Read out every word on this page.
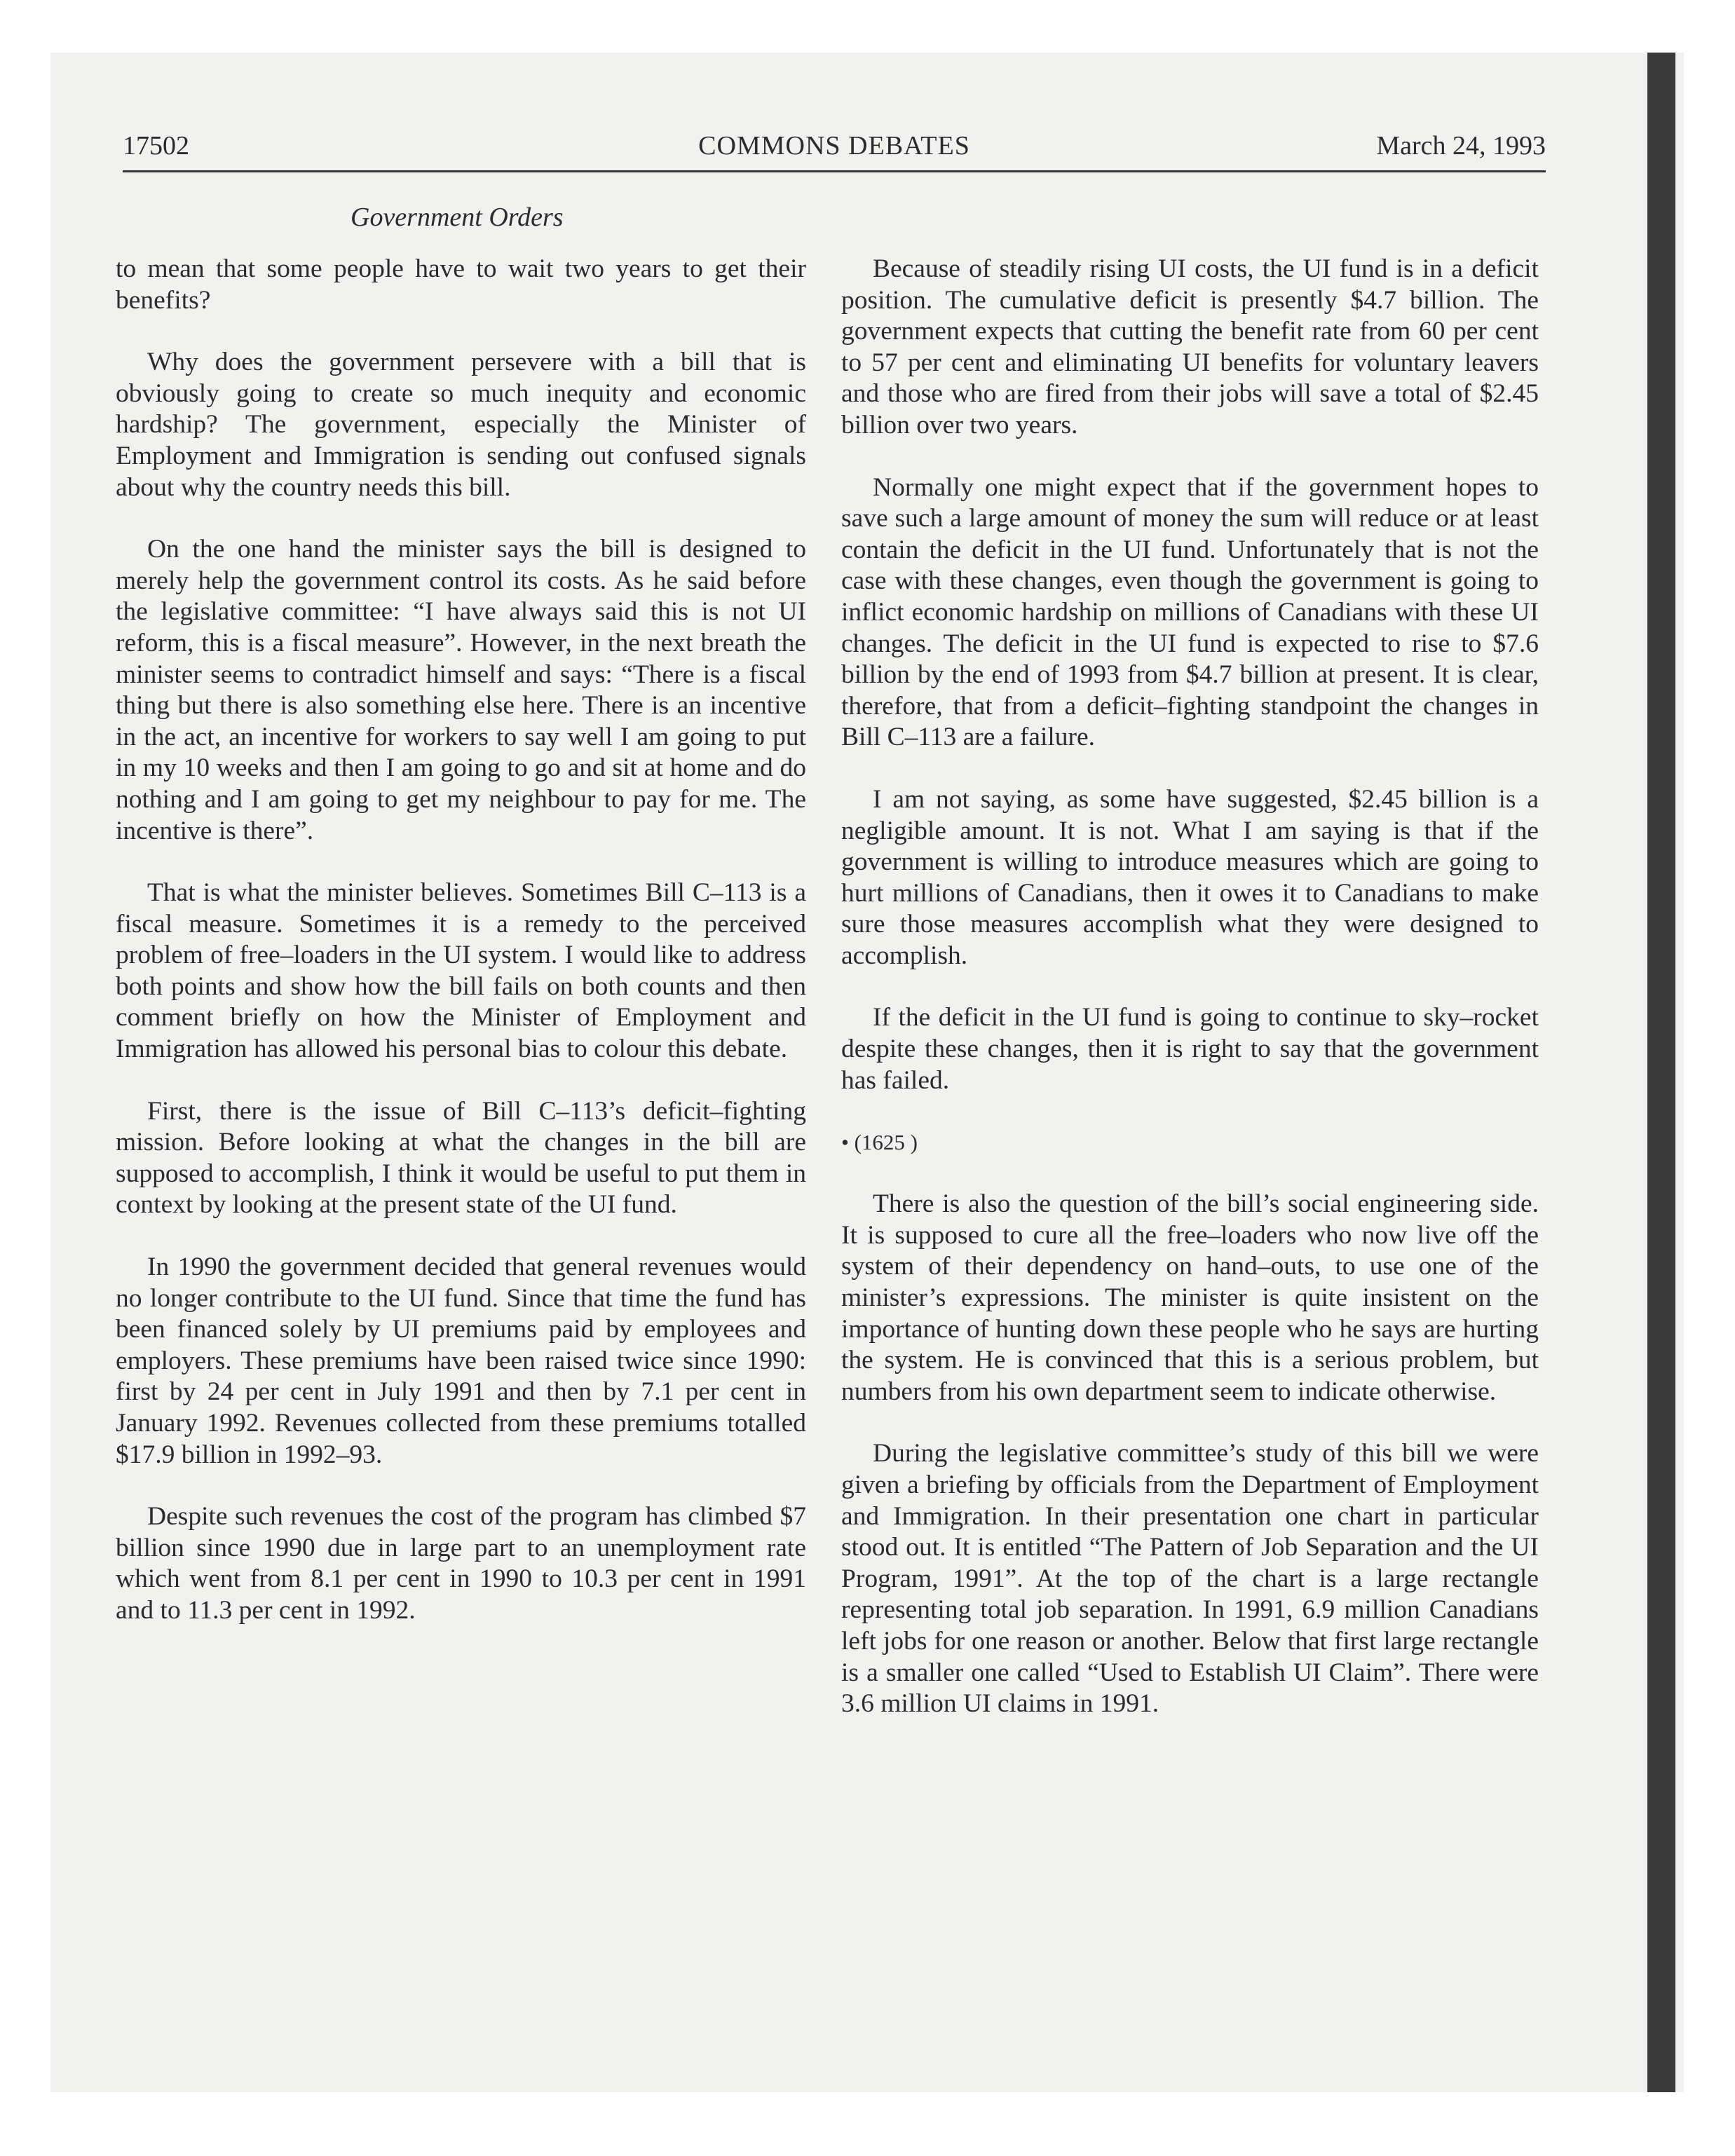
17502	COMMONS DEBATES	March 24, 1993
Government Orders

to mean that some people have to wait two years to get their benefits?

Why does the government persevere with a bill that is obviously going to create so much inequity and economic hardship? The government, especially the Minister of Employment and Immigration is sending out confused signals about why the country needs this bill.

On the one hand the minister says the bill is designed to merely help the government control its costs. As he said before the legislative committee: “I have always said this is not UI reform, this is a fiscal measure”. However, in the next breath the minister seems to contradict himself and says: “There is a fiscal thing but there is also something else here. There is an incentive in the act, an incentive for workers to say well I am going to put in my 10 weeks and then I am going to go and sit at home and do nothing and I am going to get my neighbour to pay for me. The incentive is there”.

That is what the minister believes. Sometimes Bill C–113 is a fiscal measure. Sometimes it is a remedy to the perceived problem of free–loaders in the UI system. I would like to address both points and show how the bill fails on both counts and then comment briefly on how the Minister of Employment and Immigration has allowed his personal bias to colour this debate.

First, there is the issue of Bill C–113’s deficit–fighting mission. Before looking at what the changes in the bill are supposed to accomplish, I think it would be useful to put them in context by looking at the present state of the UI fund.

In 1990 the government decided that general revenues would no longer contribute to the UI fund. Since that time the fund has been financed solely by UI premiums paid by employees and employers. These premiums have been raised twice since 1990: first by 24 per cent in July 1991 and then by 7.1 per cent in January 1992. Revenues collected from these premiums totalled $17.9 billion in 1992–93.

Despite such revenues the cost of the program has climbed $7 billion since 1990 due in large part to an unemployment rate which went from 8.1 per cent in 1990 to 10.3 per cent in 1991 and to 11.3 per cent in 1992.

Because of steadily rising UI costs, the UI fund is in a deficit position. The cumulative deficit is presently $4.7 billion. The government expects that cutting the benefit rate from 60 per cent to 57 per cent and eliminating UI benefits for voluntary leavers and those who are fired from their jobs will save a total of $2.45 billion over two years.

Normally one might expect that if the government hopes to save such a large amount of money the sum will reduce or at least contain the deficit in the UI fund. Unfortunately that is not the case with these changes, even though the government is going to inflict economic hardship on millions of Canadians with these UI changes. The deficit in the UI fund is expected to rise to $7.6 billion by the end of 1993 from $4.7 billion at present. It is clear, therefore, that from a deficit–fighting standpoint the changes in Bill C–113 are a failure.

I am not saying, as some have suggested, $2.45 billion is a negligible amount. It is not. What I am saying is that if the government is willing to introduce measures which are going to hurt millions of Canadians, then it owes it to Canadians to make sure those measures accomplish what they were designed to accomplish.

If the deficit in the UI fund is going to continue to sky–rocket despite these changes, then it is right to say that the government has failed.

• (1625 )

There is also the question of the bill’s social engineering side. It is supposed to cure all the free–loaders who now live off the system of their dependency on hand–outs, to use one of the minister’s expressions. The minister is quite insistent on the importance of hunting down these people who he says are hurting the system. He is convinced that this is a serious problem, but numbers from his own department seem to indicate otherwise.

During the legislative committee’s study of this bill we were given a briefing by officials from the Department of Employment and Immigration. In their presentation one chart in particular stood out. It is entitled “The Pattern of Job Separation and the UI Program, 1991”. At the top of the chart is a large rectangle representing total job separation. In 1991, 6.9 million Canadians left jobs for one reason or another. Below that first large rectangle is a smaller one called “Used to Establish UI Claim”. There were 3.6 million UI claims in 1991.
